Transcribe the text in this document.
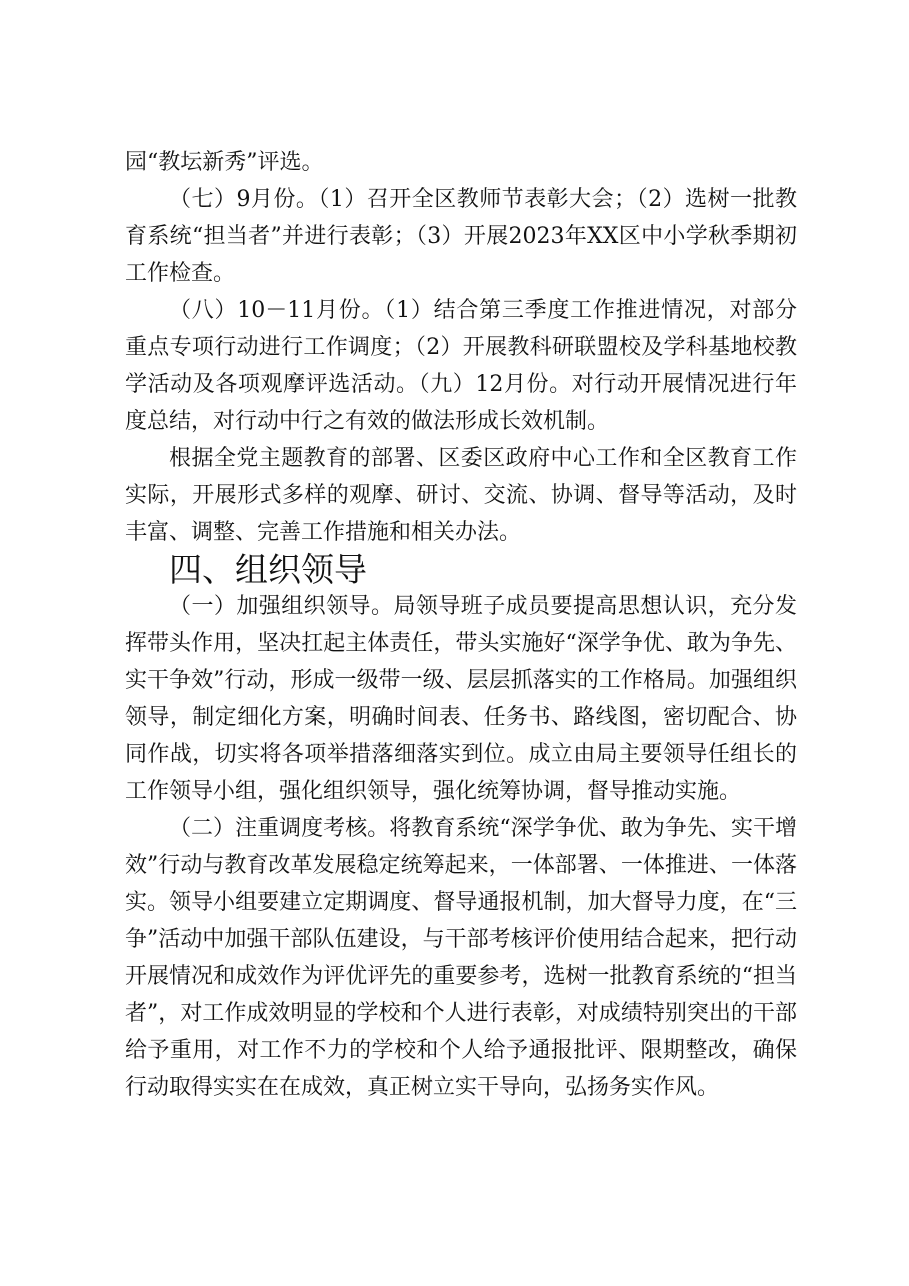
园“教坛新秀”评选。

（七）9月份。（1）召开全区教师节表彰大会；（2）选树一批教育系统“担当者”并进行表彰；（3）开展2023年XX区中小学秋季期初工作检查。

（八）10－11月份。（1）结合第三季度工作推进情况，对部分重点专项行动进行工作调度；（2）开展教科研联盟校及学科基地校教学活动及各项观摩评选活动。（九）12月份。对行动开展情况进行年度总结，对行动中行之有效的做法形成长效机制。

根据全党主题教育的部署、区委区政府中心工作和全区教育工作实际，开展形式多样的观摩、研讨、交流、协调、督导等活动，及时丰富、调整、完善工作措施和相关办法。

四、组织领导

（一）加强组织领导。局领导班子成员要提高思想认识，充分发挥带头作用，坚决扛起主体责任，带头实施好“深学争优、敢为争先、实干争效”行动，形成一级带一级、层层抓落实的工作格局。加强组织领导，制定细化方案，明确时间表、任务书、路线图，密切配合、协同作战，切实将各项举措落细落实到位。成立由局主要领导任组长的工作领导小组，强化组织领导，强化统筹协调，督导推动实施。

（二）注重调度考核。将教育系统“深学争优、敢为争先、实干增效”行动与教育改革发展稳定统筹起来，一体部署、一体推进、一体落实。领导小组要建立定期调度、督导通报机制，加大督导力度，在“三争”活动中加强干部队伍建设，与干部考核评价使用结合起来，把行动开展情况和成效作为评优评先的重要参考，选树一批教育系统的“担当者”，对工作成效明显的学校和个人进行表彰，对成绩特别突出的干部给予重用，对工作不力的学校和个人给予通报批评、限期整改，确保行动取得实实在在成效，真正树立实干导向，弘扬务实作风。
